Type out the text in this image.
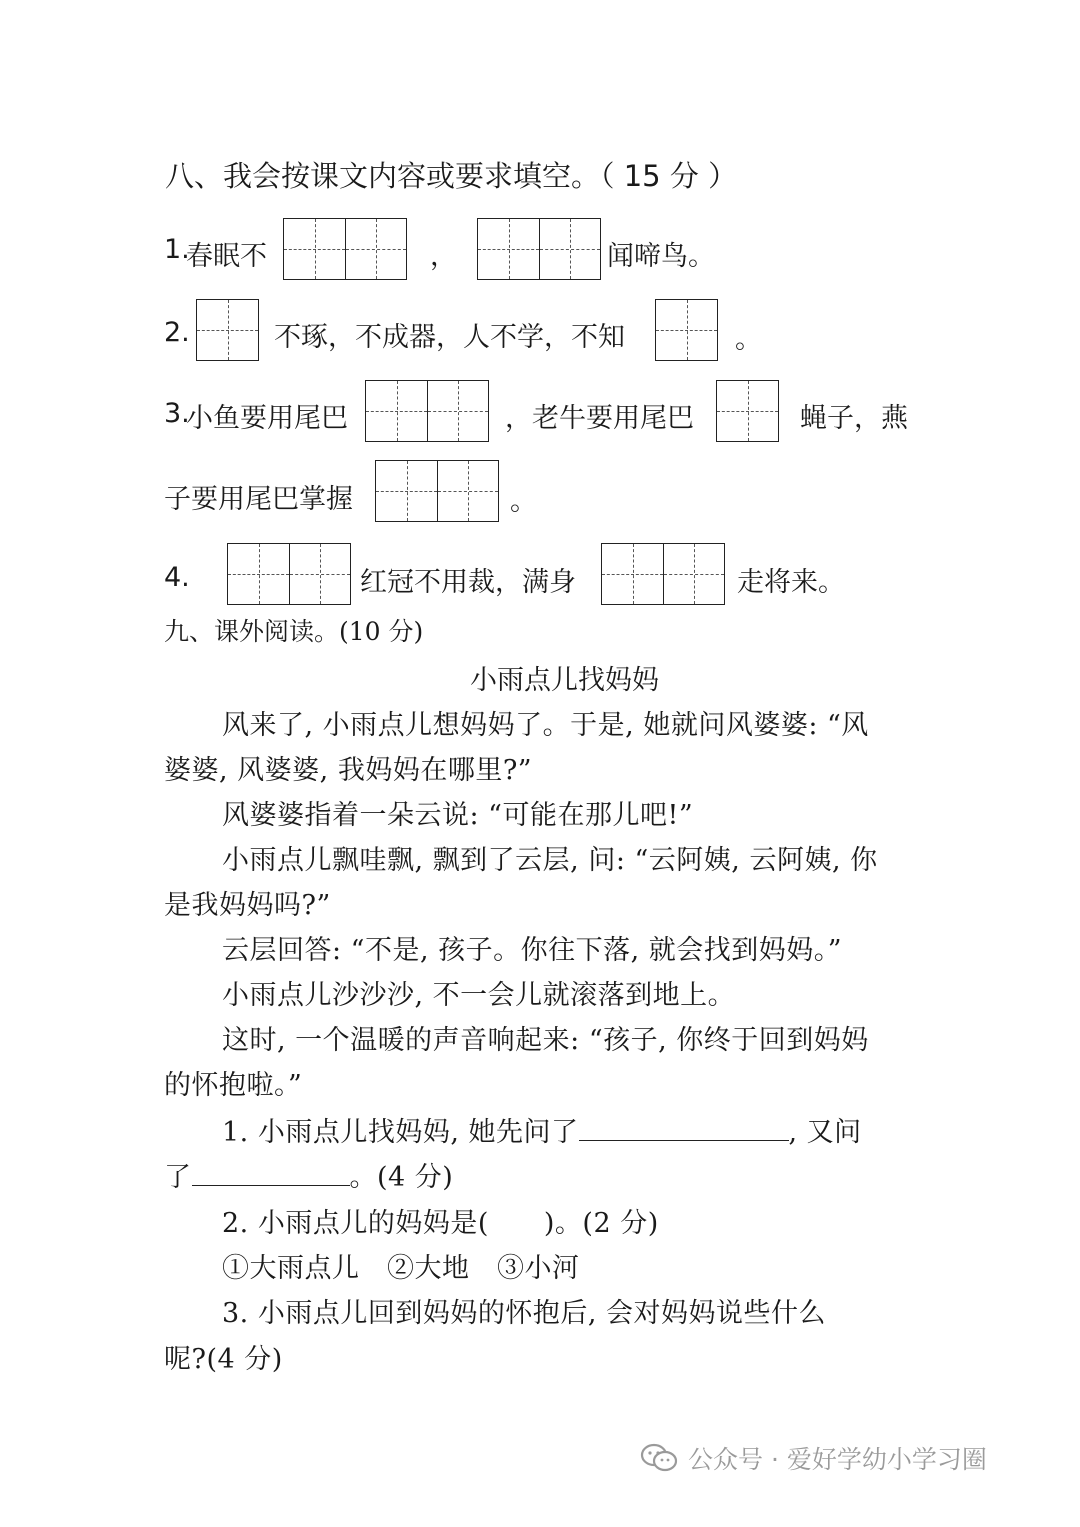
八、我会按课文内容或要求填空。（ 15 分 ）
1.
春眠不	，	闻啼鸟。
2.	不琢，不成器，人不学，不知	。
3.
小鱼要用尾巴	，老牛要用尾巴	蝇子，燕
子要用尾巴掌握	。
4.	红冠不用裁，满身	走将来。
九、课外阅读。(10 分)
小雨点儿找妈妈
风来了, 小雨点儿想妈妈了。于是, 她就问风婆婆: “风
婆婆, 风婆婆, 我妈妈在哪里?”
风婆婆指着一朵云说: “可能在那儿吧!”
小雨点儿飘哇飘, 飘到了云层, 问: “云阿姨, 云阿姨, 你
是我妈妈吗?”
云层回答: “不是, 孩子。你往下落, 就会找到妈妈。”
小雨点儿沙沙沙, 不一会儿就滚落到地上。
这时, 一个温暖的声音响起来: “孩子, 你终于回到妈妈
的怀抱啦。”
1. 小雨点儿找妈妈, 她先问了	, 又问
了	。(4 分)
2. 小雨点儿的妈妈是(　　)。(2 分)
①大雨点儿　②大地　③小河
3. 小雨点儿回到妈妈的怀抱后, 会对妈妈说些什么
呢?(4 分)
公众号 · 爱好学幼小学习圈
